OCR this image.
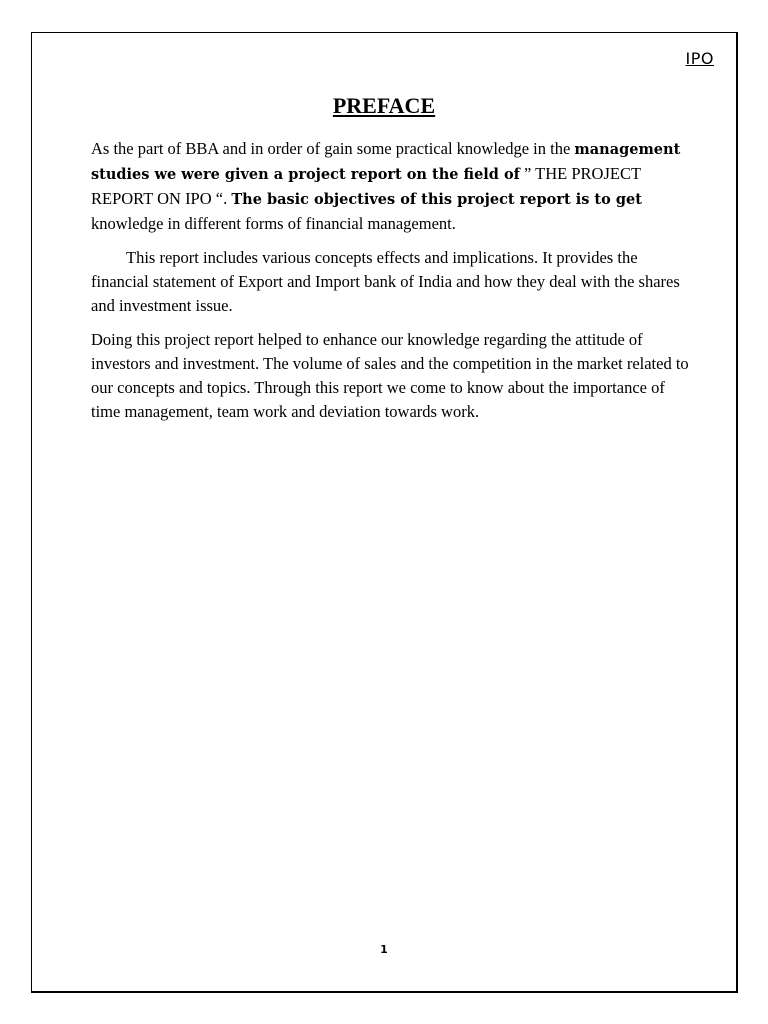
IPO
PREFACE

As the part of BBA and in order of gain some practical knowledge in the management studies we were given a project report on the field of ” THE PROJECT REPORT ON IPO “. The basic objectives of this project report is to get knowledge in different forms of financial management.

This report includes various concepts effects and implications. It provides the financial statement of Export and Import bank of India and how they deal with the shares and investment issue.

Doing this project report helped to enhance our knowledge regarding the attitude of investors and investment. The volume of sales and the competition in the market related to our concepts and topics. Through this report we come to know about the importance of time management, team work and deviation towards work.

1
